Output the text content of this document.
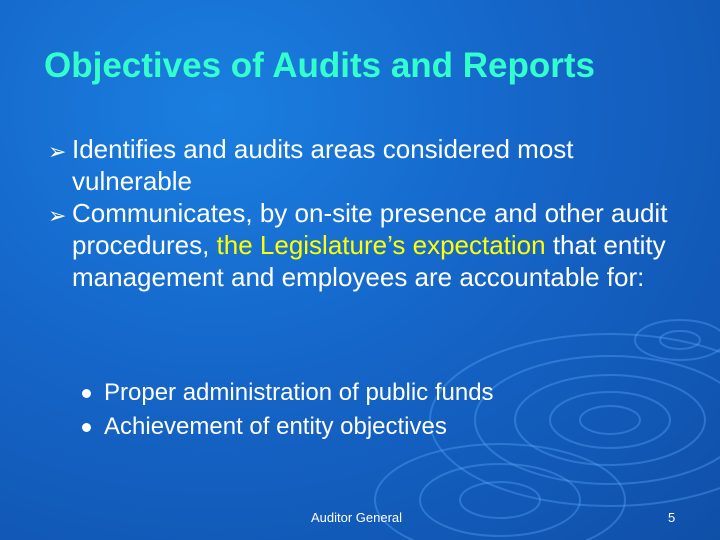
Objectives of Audits and Reports
➢ Identifies and audits areas considered most vulnerable
➢ Communicates, by on-site presence and other audit procedures, the Legislature’s expectation that entity management and employees are accountable for:
Proper administration of public funds
Achievement of entity objectives
Auditor General	5
